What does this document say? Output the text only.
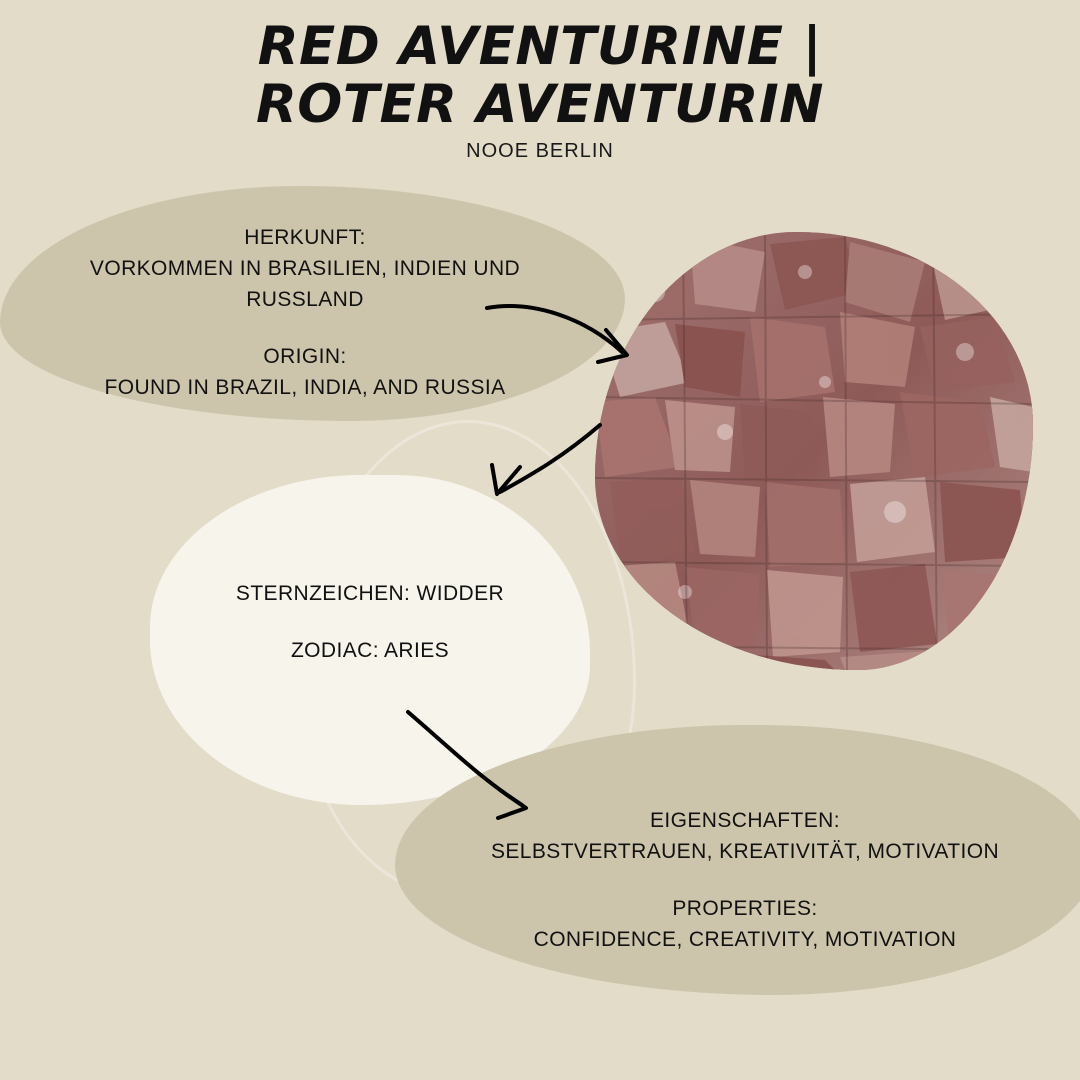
RED AVENTURINE |
ROTER AVENTURIN
NOOE BERLIN

HERKUNFT:
VORKOMMEN IN BRASILIEN, INDIEN UND
RUSSLAND

ORIGIN:
FOUND IN BRAZIL, INDIA, AND RUSSIA

STERNZEICHEN: WIDDER

ZODIAC: ARIES

EIGENSCHAFTEN:
SELBSTVERTRAUEN, KREATIVITÄT, MOTIVATION

PROPERTIES:
CONFIDENCE, CREATIVITY, MOTIVATION
